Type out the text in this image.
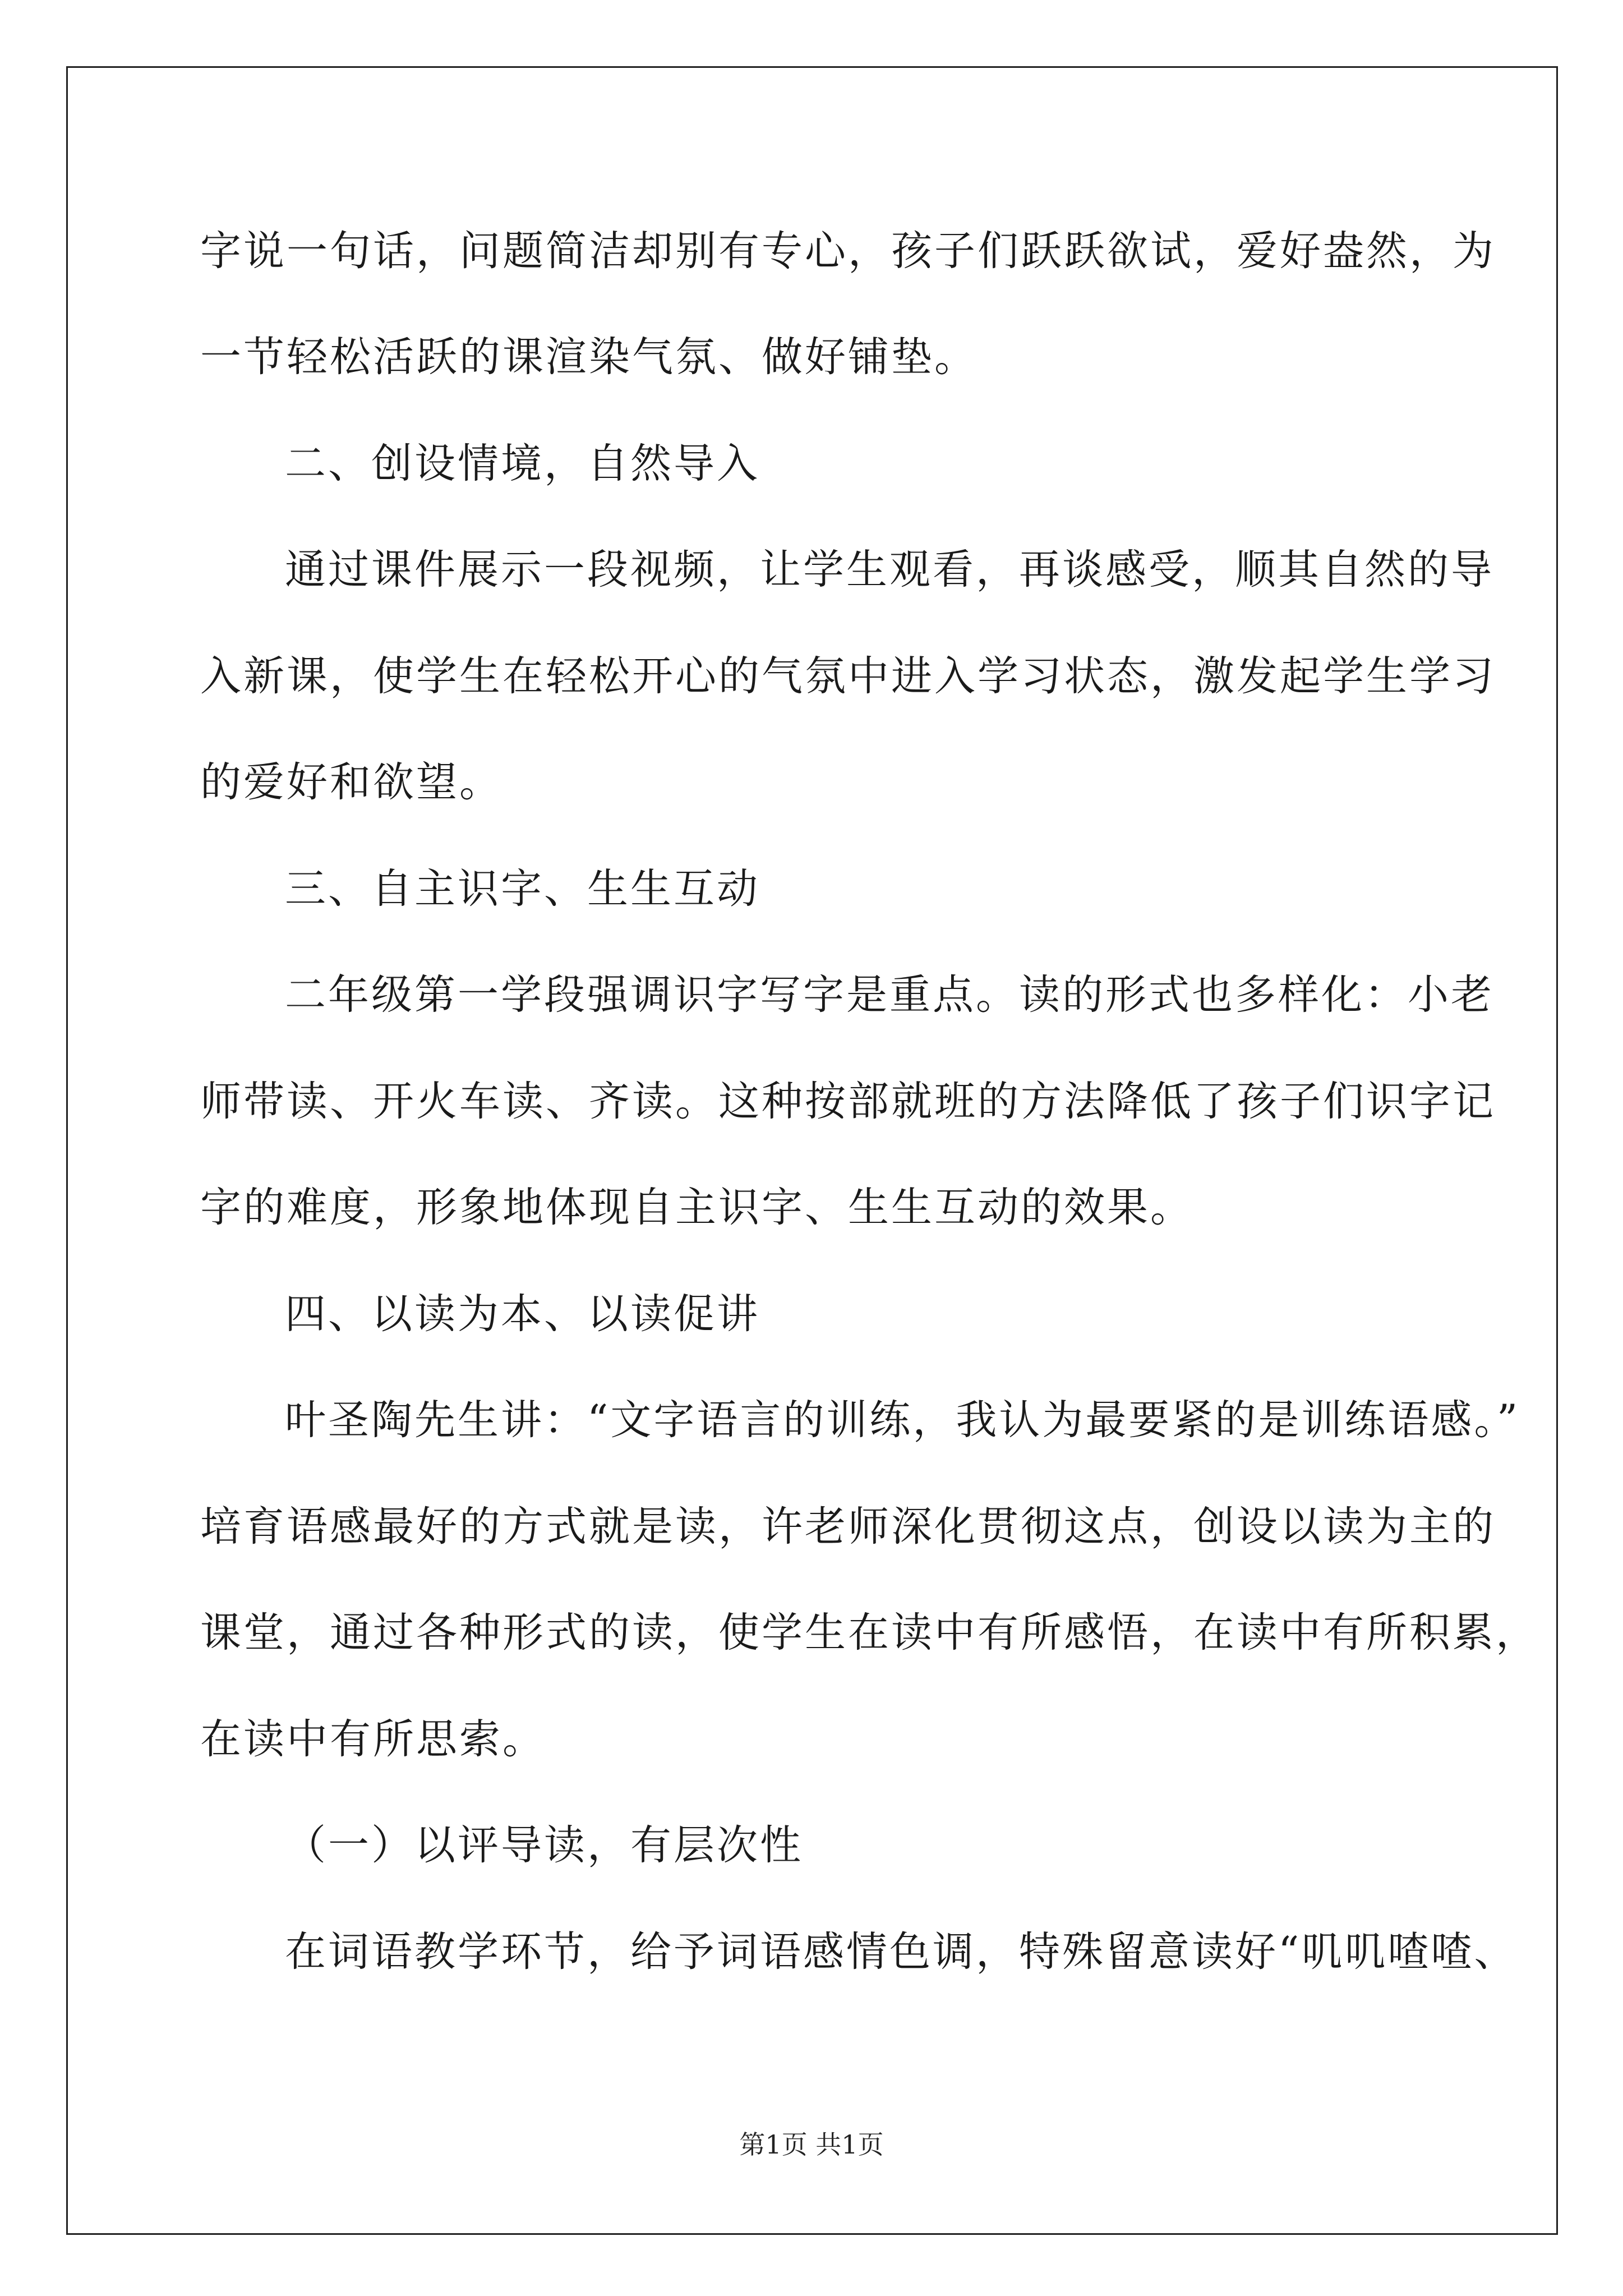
字说一句话，问题简洁却别有专心，孩子们跃跃欲试，爱好盎然，为
一节轻松活跃的课渲染气氛、做好铺垫。
二、创设情境，自然导入
通过课件展示一段视频，让学生观看，再谈感受，顺其自然的导
入新课，使学生在轻松开心的气氛中进入学习状态，激发起学生学习
的爱好和欲望。
三、自主识字、生生互动
二年级第一学段强调识字写字是重点。读的形式也多样化：小老
师带读、开火车读、齐读。这种按部就班的方法降低了孩子们识字记
字的难度，形象地体现自主识字、生生互动的效果。
四、以读为本、以读促讲
叶圣陶先生讲：“文字语言的训练，我认为最要紧的是训练语感。”
培育语感最好的方式就是读，许老师深化贯彻这点，创设以读为主的
课堂，通过各种形式的读，使学生在读中有所感悟，在读中有所积累，
在读中有所思索。
（一）以评导读，有层次性
在词语教学环节，给予词语感情色调，特殊留意读好“叽叽喳喳、
第1页 共1页
